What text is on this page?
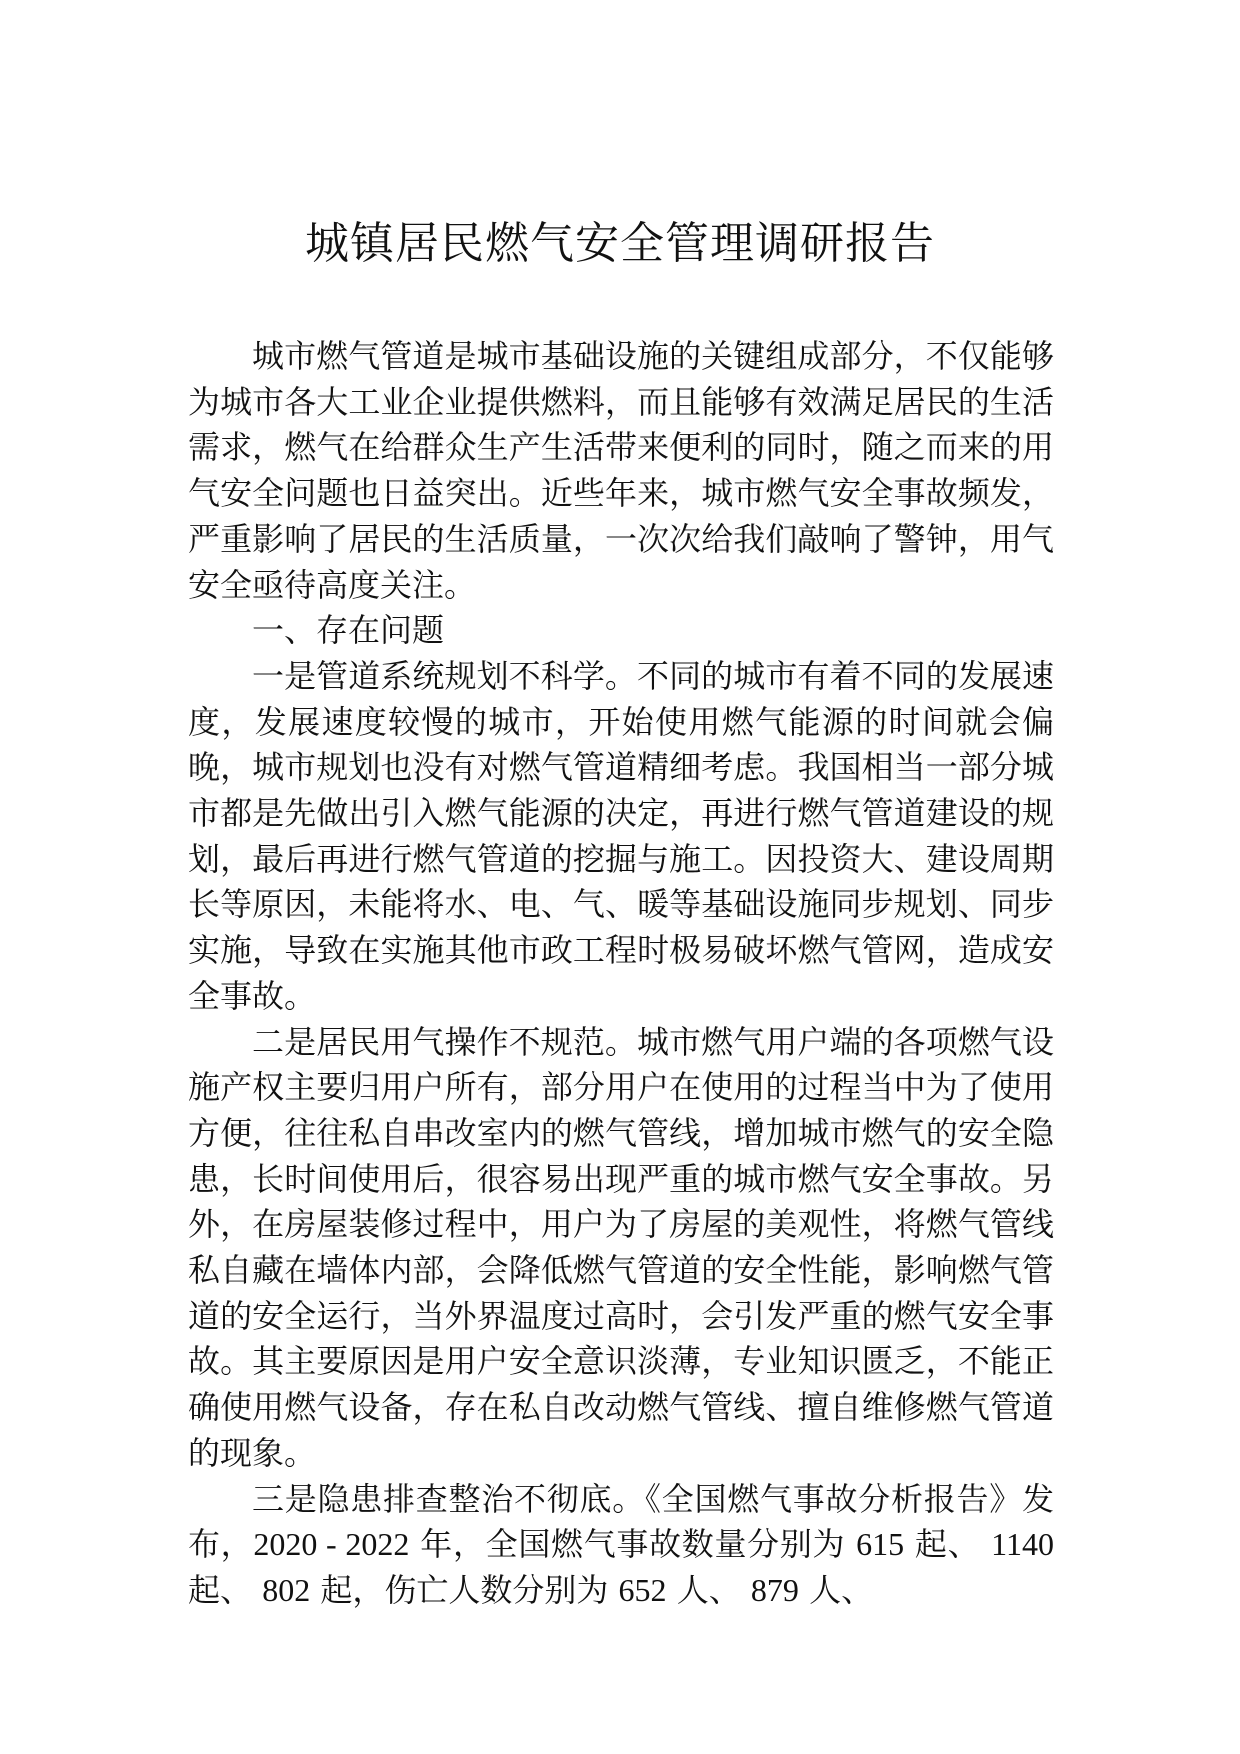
城镇居民燃气安全管理调研报告

城市燃气管道是城市基础设施的关键组成部分，不仅能够为城市各大工业企业提供燃料，而且能够有效满足居民的生活需求，燃气在给群众生产生活带来便利的同时，随之而来的用气安全问题也日益突出。近些年来，城市燃气安全事故频发，严重影响了居民的生活质量，一次次给我们敲响了警钟，用气安全亟待高度关注。

一、存在问题

一是管道系统规划不科学。不同的城市有着不同的发展速度，发展速度较慢的城市，开始使用燃气能源的时间就会偏晚，城市规划也没有对燃气管道精细考虑。我国相当一部分城市都是先做出引入燃气能源的决定，再进行燃气管道建设的规划，最后再进行燃气管道的挖掘与施工。因投资大、建设周期长等原因，未能将水、电、气、暖等基础设施同步规划、同步实施，导致在实施其他市政工程时极易破坏燃气管网，造成安全事故。

二是居民用气操作不规范。城市燃气用户端的各项燃气设施产权主要归用户所有，部分用户在使用的过程当中为了使用方便，往往私自串改室内的燃气管线，增加城市燃气的安全隐患，长时间使用后，很容易出现严重的城市燃气安全事故。另外，在房屋装修过程中，用户为了房屋的美观性，将燃气管线私自藏在墙体内部，会降低燃气管道的安全性能，影响燃气管道的安全运行，当外界温度过高时，会引发严重的燃气安全事故。其主要原因是用户安全意识淡薄，专业知识匮乏，不能正确使用燃气设备，存在私自改动燃气管线、擅自维修燃气管道的现象。

三是隐患排查整治不彻底。《全国燃气事故分析报告》发布，2020 - 2022 年，全国燃气事故数量分别为 615 起、 1140 起、 802 起，伤亡人数分别为 652 人、 879 人、
